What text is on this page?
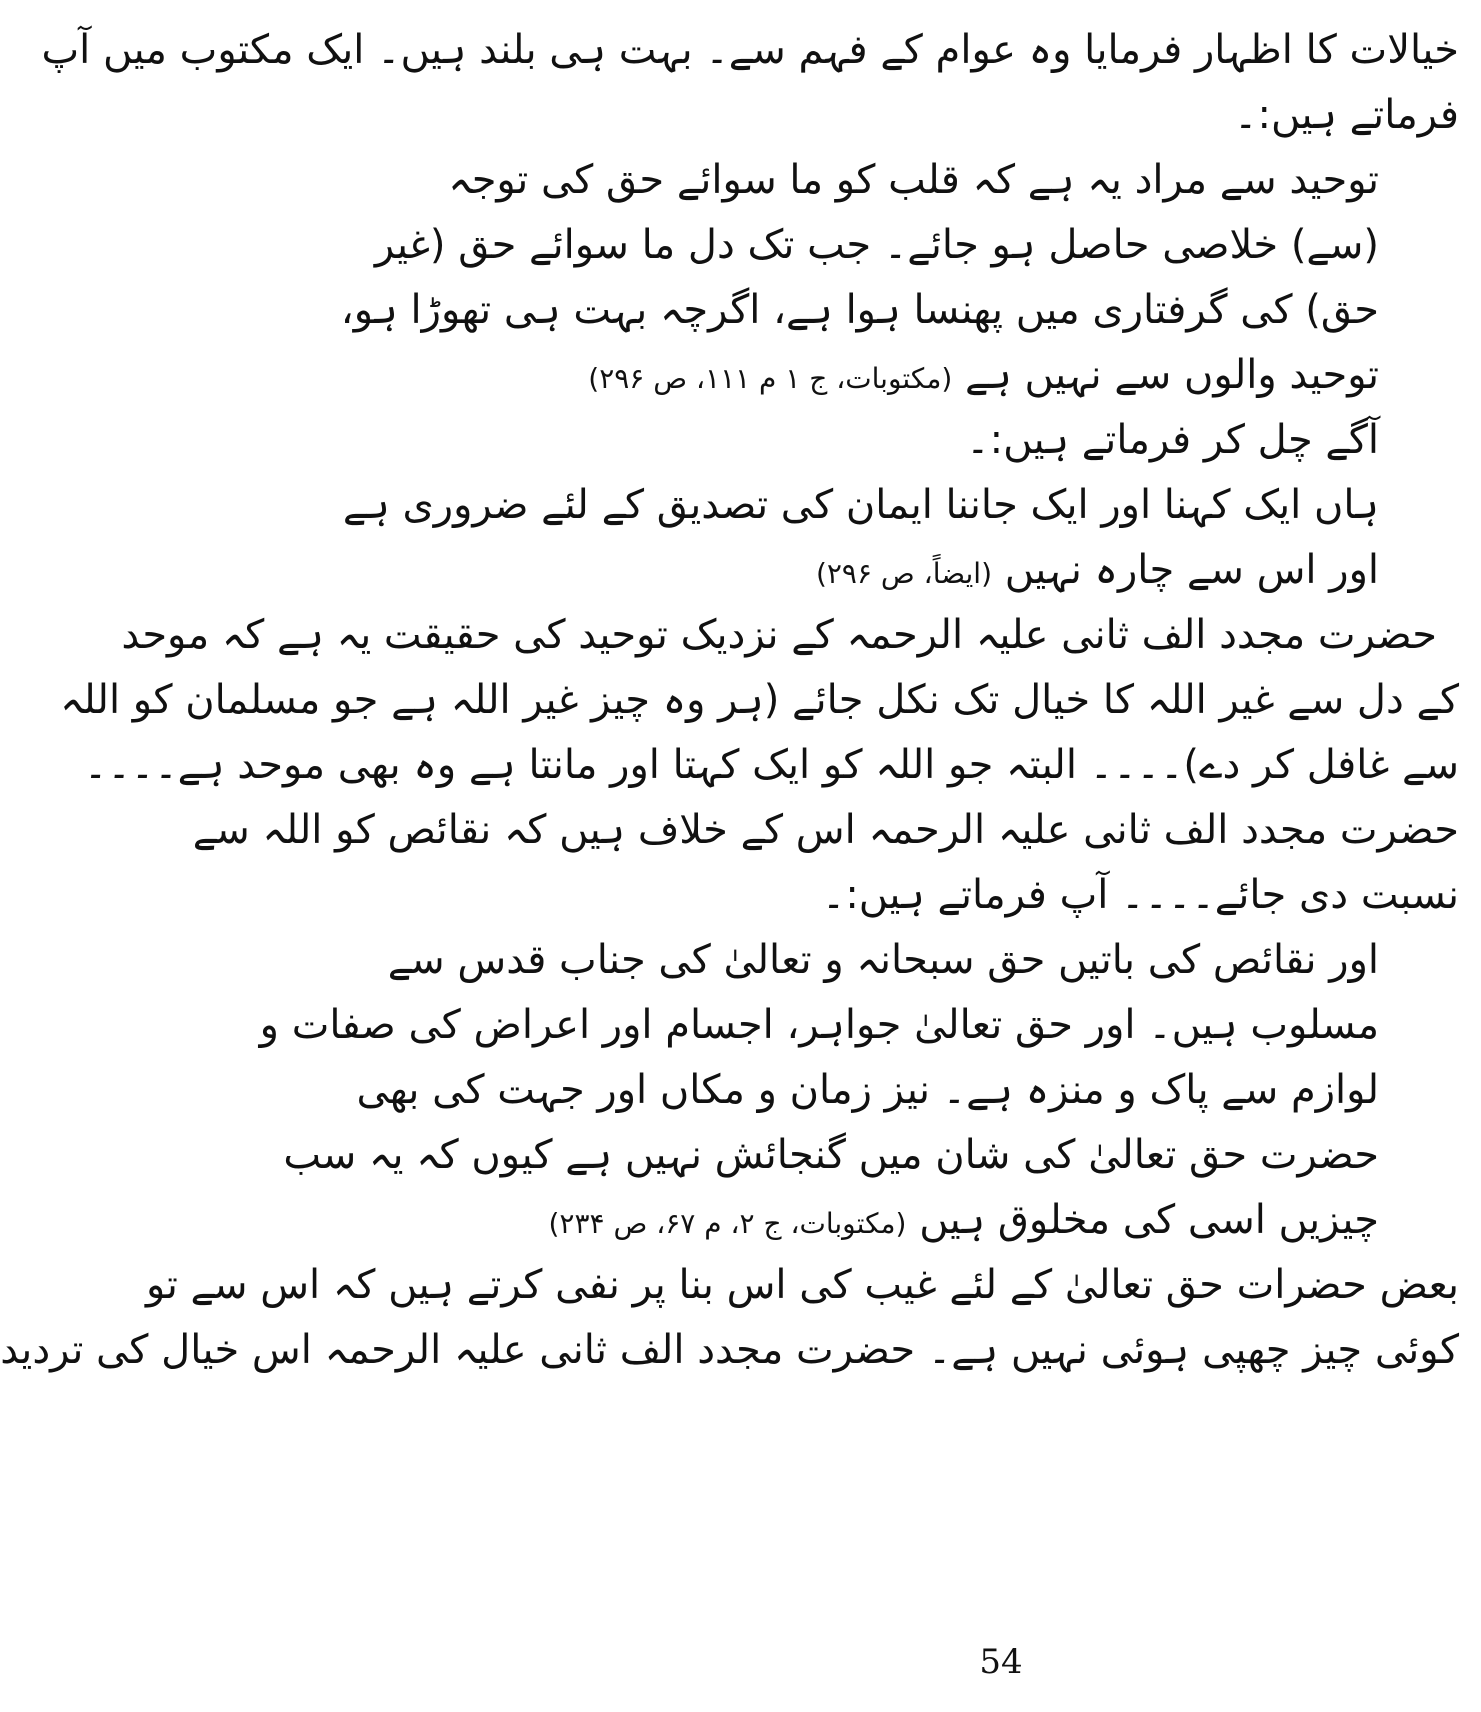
خیالات کا اظہار فرمایا وہ عوام کے فہم سے۔ بہت ہی بلند ہیں۔ ایک مکتوب میں آپ
فرماتے ہیں:۔
توحید سے مراد یہ ہے کہ قلب کو ما سوائے حق کی توجہ
(سے) خلاصی حاصل ہو جائے۔ جب تک دل ما سوائے حق (غیر
حق) کی گرفتاری میں پھنسا ہوا ہے، اگرچہ بہت ہی تھوڑا ہو،
توحید والوں سے نہیں ہے (مکتوبات، ج ۱ م ۱۱۱، ص ۲۹۶)
آگے چل کر فرماتے ہیں:۔
ہاں ایک کہنا اور ایک جاننا ایمان کی تصدیق کے لئے ضروری ہے
اور اس سے چارہ نہیں (ایضاً، ص ۲۹۶)
حضرت مجدد الف ثانی علیہ الرحمہ کے نزدیک توحید کی حقیقت یہ ہے کہ موحد
کے دل سے غیر اللہ کا خیال تک نکل جائے (ہر وہ چیز غیر اللہ ہے جو مسلمان کو اللہ
سے غافل کر دے)۔۔۔۔ البتہ جو اللہ کو ایک کہتا اور مانتا ہے وہ بھی موحد ہے۔۔۔۔
حضرت مجدد الف ثانی علیہ الرحمہ اس کے خلاف ہیں کہ نقائص کو اللہ سے
نسبت دی جائے۔۔۔۔ آپ فرماتے ہیں:۔
اور نقائص کی باتیں حق سبحانہ و تعالیٰ کی جناب قدس سے
مسلوب ہیں۔ اور حق تعالیٰ جواہر، اجسام اور اعراض کی صفات و
لوازم سے پاک و منزہ ہے۔ نیز زمان و مکاں اور جہت کی بھی
حضرت حق تعالیٰ کی شان میں گنجائش نہیں ہے کیوں کہ یہ سب
چیزیں اسی کی مخلوق ہیں (مکتوبات، ج ۲، م ۶۷، ص ۲۳۴)
بعض حضرات حق تعالیٰ کے لئے غیب کی اس بنا پر نفی کرتے ہیں کہ اس سے تو
کوئی چیز چھپی ہوئی نہیں ہے۔ حضرت مجدد الف ثانی علیہ الرحمہ اس خیال کی تردید
54
